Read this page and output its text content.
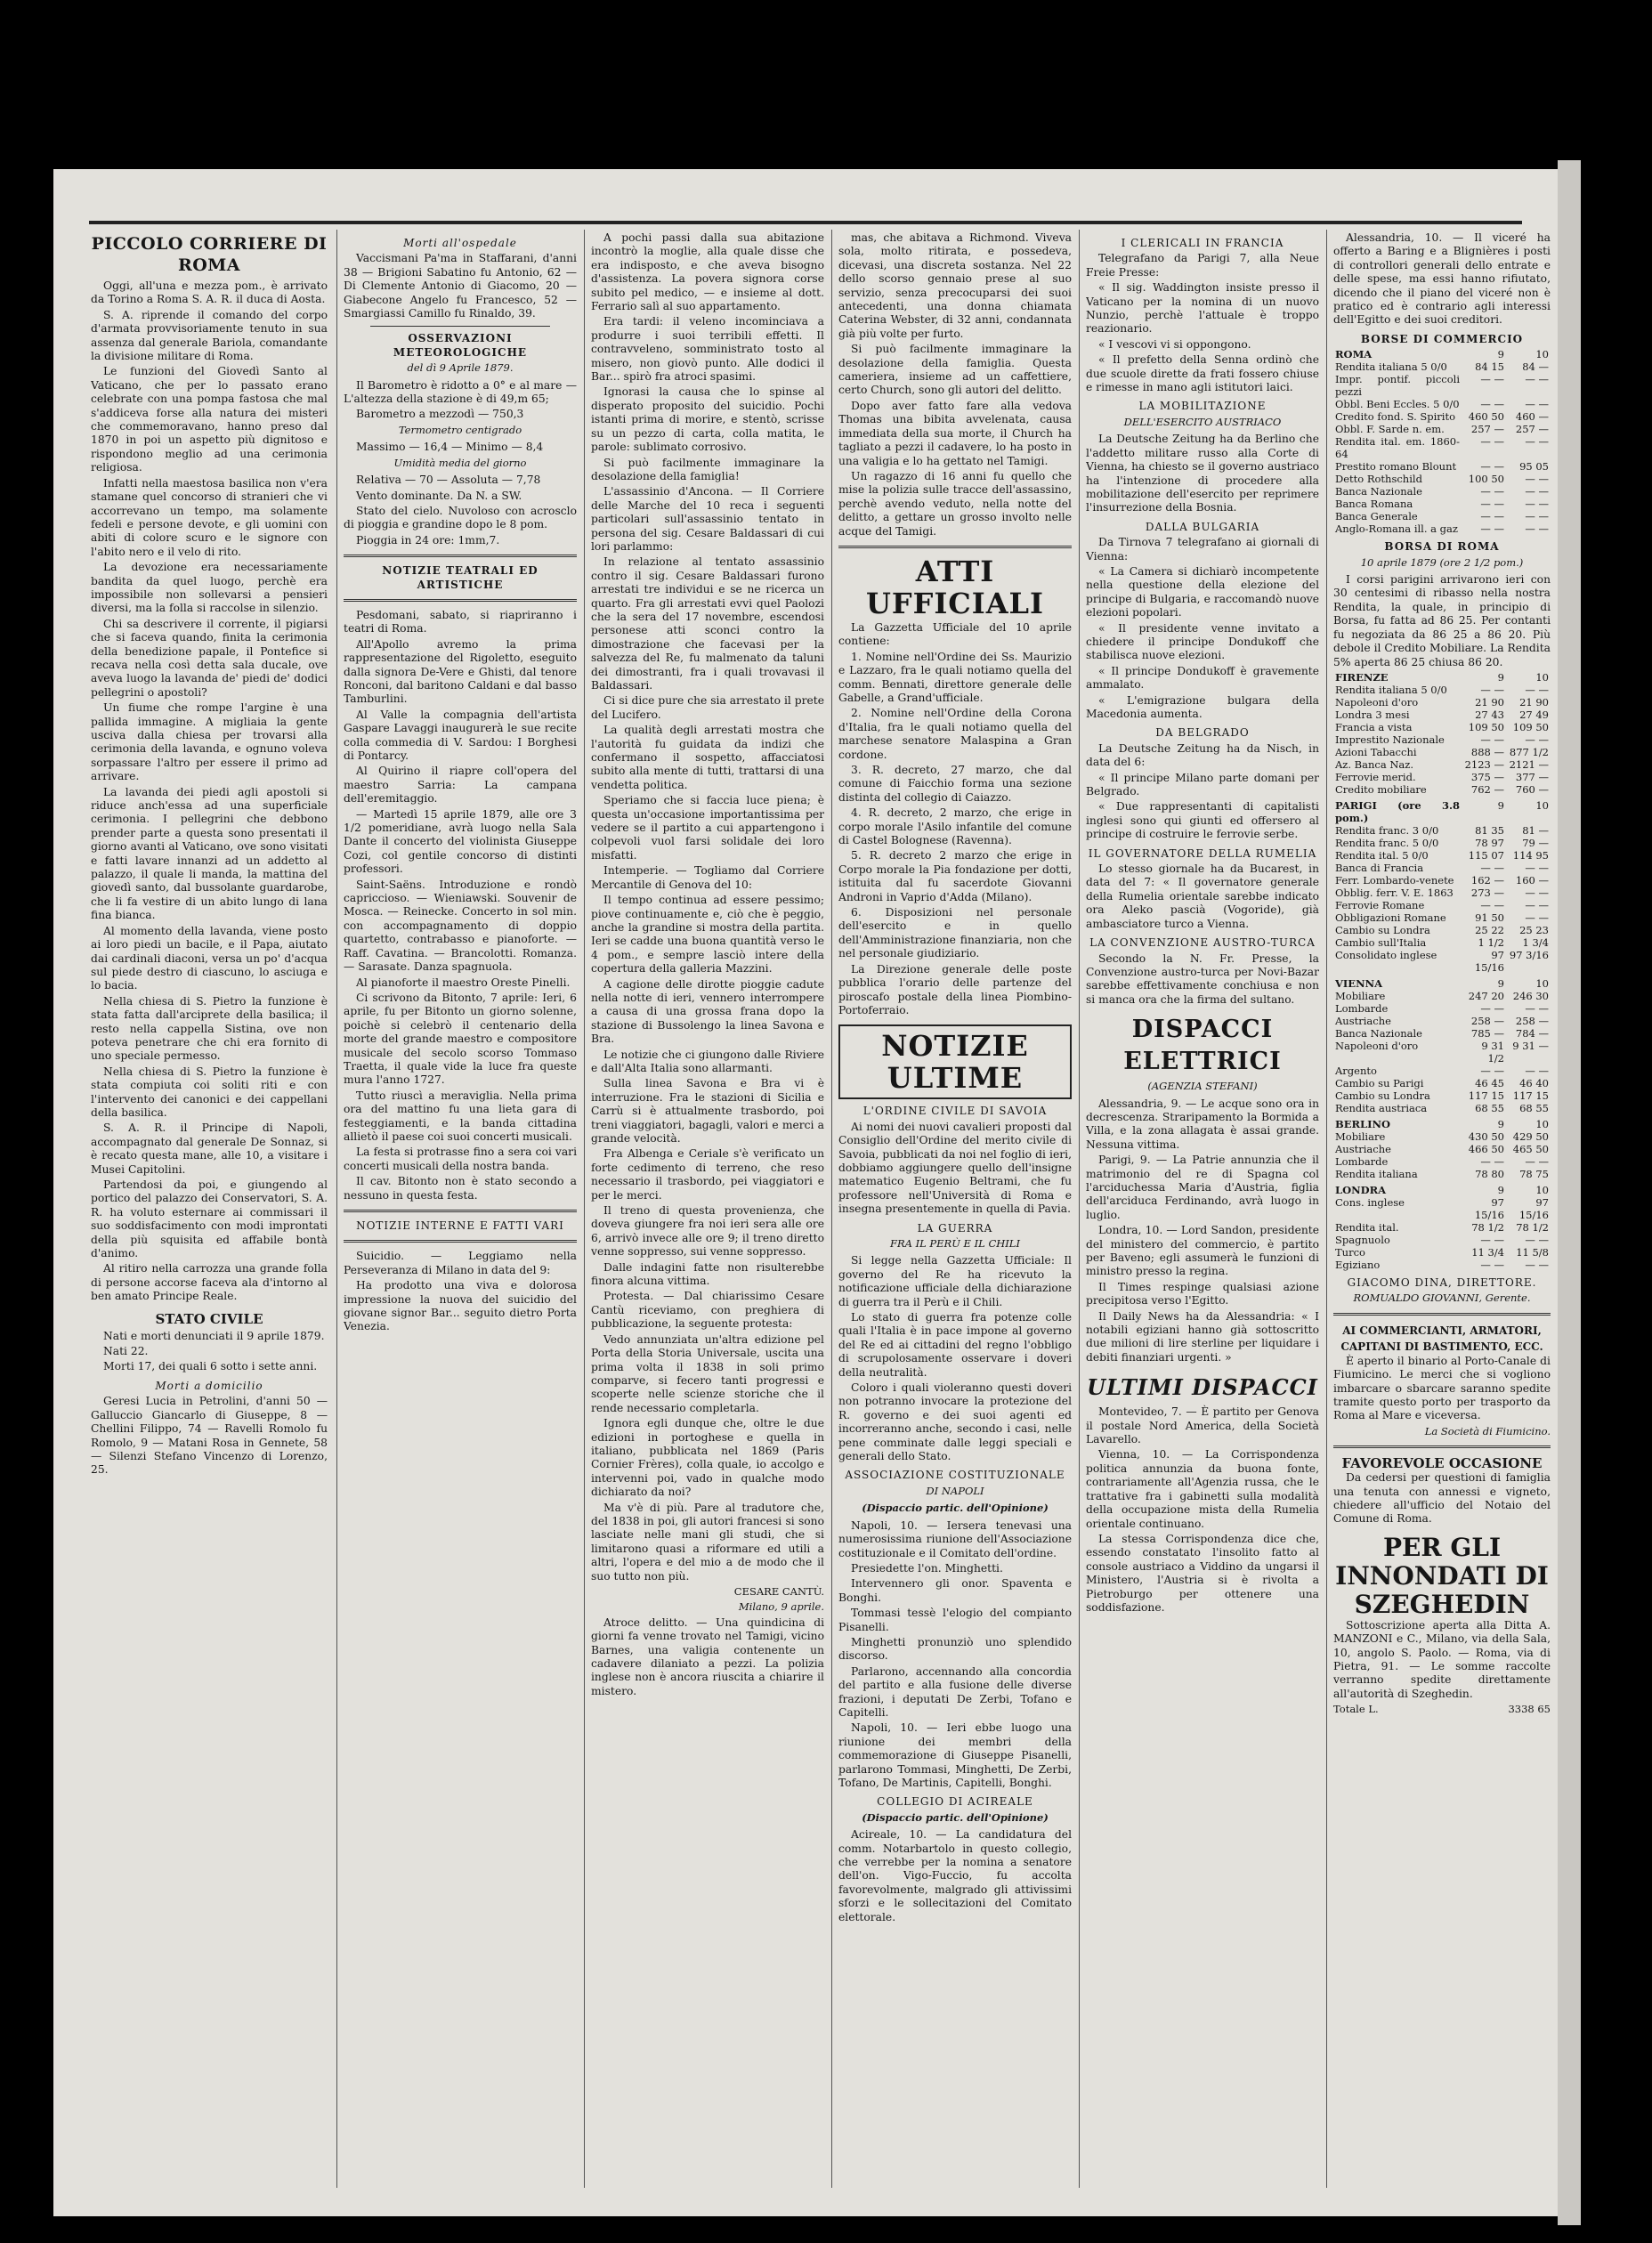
PICCOLO CORRIERE DI ROMA

Oggi, all'una e mezza pom., è arrivato da Torino a Roma S. A. R. il duca di Aosta.

S. A. riprende il comando del corpo d'armata provvisoriamente tenuto in sua assenza dal generale Bariola, comandante la divisione militare di Roma.

Le funzioni del Giovedì Santo al Vaticano, che per lo passato erano celebrate con una pompa fastosa che mal s'addiceva forse alla natura dei misteri che commemoravano, hanno preso dal 1870 in poi un aspetto più dignitoso e rispondono meglio ad una cerimonia religiosa.

Infatti nella maestosa basilica non v'era stamane quel concorso di stranieri che vi accorrevano un tempo, ma solamente fedeli e persone devote, e gli uomini con abiti di colore scuro e le signore con l'abito nero e il velo di rito.

La devozione era necessariamente bandita da quel luogo, perchè era impossibile non sollevarsi a pensieri diversi, ma la folla si raccolse in silenzio.

Chi sa descrivere il corrente, il pigiarsi che si faceva quando, finita la cerimonia della benedizione papale, il Pontefice si recava nella così detta sala ducale, ove aveva luogo la lavanda de' piedi de' dodici pellegrini o apostoli?

Un fiume che rompe l'argine è una pallida immagine. A migliaia la gente usciva dalla chiesa per trovarsi alla cerimonia della lavanda, e ognuno voleva sorpassare l'altro per essere il primo ad arrivare.

La lavanda dei piedi agli apostoli si riduce anch'essa ad una superficiale cerimonia. I pellegrini che debbono prender parte a questa sono presentati il giorno avanti al Vaticano, ove sono visitati e fatti lavare innanzi ad un addetto al palazzo, il quale li manda, la mattina del giovedì santo, dal bussolante guardarobe, che li fa vestire di un abito lungo di lana fina bianca.

Al momento della lavanda, viene posto ai loro piedi un bacile, e il Papa, aiutato dai cardinali diaconi, versa un po' d'acqua sul piede destro di ciascuno, lo asciuga e lo bacia.

Nella chiesa di S. Pietro la funzione è stata fatta dall'arciprete della basilica; il resto nella cappella Sistina, ove non poteva penetrare che chi era fornito di uno speciale permesso.

Nella chiesa di S. Pietro la funzione è stata compiuta coi soliti riti e con l'intervento dei canonici e dei cappellani della basilica.

S. A. R. il Principe di Napoli, accompagnato dal generale De Sonnaz, si è recato questa mane, alle 10, a visitare i Musei Capitolini.

Partendosi da poi, e giungendo al portico del palazzo dei Conservatori, S. A. R. ha voluto esternare ai commissari il suo soddisfacimento con modi improntati della più squisita ed affabile bontà d'animo.

Al ritiro nella carrozza una grande folla di persone accorse faceva ala d'intorno al ben amato Principe Reale.

STATO CIVILE

Nati e morti denunciati il 9 aprile 1879.

Nati 22.

Morti 17, dei quali 6 sotto i sette anni.

Morti a domicilio

Geresi Lucia in Petrolini, d'anni 50 — Galluccio Giancarlo di Giuseppe, 8 — Chellini Filippo, 74 — Ravelli Romolo fu Romolo, 9 — Matani Rosa in Gennete, 58 — Silenzi Stefano Vincenzo di Lorenzo, 25.

Morti all'ospedale

Vaccismani Pa'ma in Staffarani, d'anni 38 — Brigioni Sabatino fu Antonio, 62 — Di Clemente Antonio di Giacomo, 20 — Giabecone Angelo fu Francesco, 52 — Smargiassi Camillo fu Rinaldo, 39.

OSSERVAZIONI METEOROLOGICHE
del dì 9 Aprile 1879.

Il Barometro è ridotto a 0° e al mare — L'altezza della stazione è di 49,m 65;

Barometro a mezzodì — 750,3

Termometro centigrado

Massimo — 16,4 — Minimo — 8,4

Umidità media del giorno

Relativa — 70 — Assoluta — 7,78

Vento dominante. Da N. a SW.

Stato del cielo. Nuvoloso con acrosclo di pioggia e grandine dopo le 8 pom.

Pioggia in 24 ore: 1mm,7.

NOTIZIE TEATRALI ED ARTISTICHE

Pesdomani, sabato, si riapriranno i teatri di Roma.

All'Apollo avremo la prima rappresentazione del Rigoletto, eseguito dalla signora De-Vere e Ghisti, dal tenore Ronconi, dal baritono Caldani e dal basso Tamburlini.

Al Valle la compagnia dell'artista Gaspare Lavaggi inaugurerà le sue recite colla commedia di V. Sardou: I Borghesi di Pontarcy.

Al Quirino il riapre coll'opera del maestro Sarria: La campana dell'eremitaggio.

— Martedì 15 aprile 1879, alle ore 3 1/2 pomeridiane, avrà luogo nella Sala Dante il concerto del violinista Giuseppe Cozi, col gentile concorso di distinti professori.

Saint-Saëns. Introduzione e rondò capriccioso. — Wieniawski. Souvenir de Mosca. — Reinecke. Concerto in sol min. con accompagnamento di doppio quartetto, contrabasso e pianoforte. — Raff. Cavatina. — Brancolotti. Romanza. — Sarasate. Danza spagnuola.

Al pianoforte il maestro Oreste Pinelli.

Ci scrivono da Bitonto, 7 aprile: Ieri, 6 aprile, fu per Bitonto un giorno solenne, poichè si celebrò il centenario della morte del grande maestro e compositore musicale del secolo scorso Tommaso Traetta, il quale vide la luce fra queste mura l'anno 1727.

Tutto riuscì a meraviglia. Nella prima ora del mattino fu una lieta gara di festeggiamenti, e la banda cittadina allietò il paese coi suoi concerti musicali.

La festa si protrasse fino a sera coi vari concerti musicali della nostra banda.

Il cav. Bitonto non è stato secondo a nessuno in questa festa.

NOTIZIE INTERNE E FATTI VARI

Suicidio. — Leggiamo nella Perseveranza di Milano in data del 9:

Ha prodotto una viva e dolorosa impressione la nuova del suicidio del giovane signor Bar... seguito dietro Porta Venezia.

A pochi passi dalla sua abitazione incontrò la moglie, alla quale disse che era indisposto, e che aveva bisogno d'assistenza. La povera signora corse subito pel medico, — e insieme al dott. Ferrario salì al suo appartamento.

Era tardi: il veleno incominciava a produrre i suoi terribili effetti. Il contravveleno, somministrato tosto al misero, non giovò punto. Alle dodici il Bar... spirò fra atroci spasimi.

Ignorasi la causa che lo spinse al disperato proposito del suicidio. Pochi istanti prima di morire, e stentò, scrisse su un pezzo di carta, colla matita, le parole: sublimato corrosivo.

Si può facilmente immaginare la desolazione della famiglia!

L'assassinio d'Ancona. — Il Corriere delle Marche del 10 reca i seguenti particolari sull'assassinio tentato in persona del sig. Cesare Baldassari di cui lori parlammo:

In relazione al tentato assassinio contro il sig. Cesare Baldassari furono arrestati tre individui e se ne ricerca un quarto. Fra gli arrestati evvi quel Paolozi che la sera del 17 novembre, escendosi personese atti sconci contro la dimostrazione che facevasi per la salvezza del Re, fu malmenato da taluni dei dimostranti, fra i quali trovavasi il Baldassari.

Ci si dice pure che sia arrestato il prete del Lucifero.

La qualità degli arrestati mostra che l'autorità fu guidata da indizi che confermano il sospetto, affacciatosi subito alla mente di tutti, trattarsi di una vendetta politica.

Speriamo che si faccia luce piena; è questa un'occasione importantissima per vedere se il partito a cui appartengono i colpevoli vuol farsi solidale dei loro misfatti.

Intemperie. — Togliamo dal Corriere Mercantile di Genova del 10:

Il tempo continua ad essere pessimo; piove continuamente e, ciò che è peggio, anche la grandine si mostra della partita. Ieri se cadde una buona quantità verso le 4 pom., e sempre lasciò intere della copertura della galleria Mazzini.

A cagione delle dirotte pioggie cadute nella notte di ieri, vennero interrompere a causa di una grossa frana dopo la stazione di Bussolengo la linea Savona e Bra.

Le notizie che ci giungono dalle Riviere e dall'Alta Italia sono allarmanti.

Sulla linea Savona e Bra vi è interruzione. Fra le stazioni di Sicilia e Carrù si è attualmente trasbordo, poi treni viaggiatori, bagagli, valori e merci a grande velocità.

Fra Albenga e Ceriale s'è verificato un forte cedimento di terreno, che reso necessario il trasbordo, pei viaggiatori e per le merci.

Il treno di questa provenienza, che doveva giungere fra noi ieri sera alle ore 6, arrivò invece alle ore 9; il treno diretto venne soppresso, sui venne soppresso.

Dalle indagini fatte non risulterebbe finora alcuna vittima.

Protesta. — Dal chiarissimo Cesare Cantù riceviamo, con preghiera di pubblicazione, la seguente protesta:

Vedo annunziata un'altra edizione pel Porta della Storia Universale, uscita una prima volta il 1838 in soli primo comparve, si fecero tanti progressi e scoperte nelle scienze storiche che il rende necessario completarla.

Ignora egli dunque che, oltre le due edizioni in portoghese e quella in italiano, pubblicata nel 1869 (Paris Cornier Frères), colla quale, io accolgo e intervenni poi, vado in qualche modo dichiarato da noi?

Ma v'è di più. Pare al tradutore che, del 1838 in poi, gli autori francesi si sono lasciate nelle mani gli studi, che si limitarono quasi a riformare ed utili a altri, l'opera e del mio a de modo che il suo tutto non più.

CESARE CANTÙ.
Milano, 9 aprile.

Atroce delitto. — Una quindicina di giorni fa venne trovato nel Tamigi, vicino Barnes, una valigia contenente un cadavere dilaniato a pezzi. La polizia inglese non è ancora riuscita a chiarire il mistero.

mas, che abitava a Richmond. Viveva sola, molto ritirata, e possedeva, dicevasi, una discreta sostanza. Nel 22 dello scorso gennaio prese al suo servizio, senza precocuparsi dei suoi antecedenti, una donna chiamata Caterina Webster, di 32 anni, condannata già più volte per furto.

Si può facilmente immaginare la desolazione della famiglia. Questa cameriera, insieme ad un caffettiere, certo Church, sono gli autori del delitto.

Dopo aver fatto fare alla vedova Thomas una bibita avvelenata, causa immediata della sua morte, il Church ha tagliato a pezzi il cadavere, lo ha posto in una valigia e lo ha gettato nel Tamigi.

Un ragazzo di 16 anni fu quello che mise la polizia sulle tracce dell'assassino, perchè avendo veduto, nella notte del delitto, a gettare un grosso involto nelle acque del Tamigi.

ATTI UFFICIALI

La Gazzetta Ufficiale del 10 aprile contiene:

1. Nomine nell'Ordine dei Ss. Maurizio e Lazzaro, fra le quali notiamo quella del comm. Bennati, direttore generale delle Gabelle, a Grand'ufficiale.

2. Nomine nell'Ordine della Corona d'Italia, fra le quali notiamo quella del marchese senatore Malaspina a Gran cordone.

3. R. decreto, 27 marzo, che dal comune di Faicchio forma una sezione distinta del collegio di Caiazzo.

4. R. decreto, 2 marzo, che erige in corpo morale l'Asilo infantile del comune di Castel Bolognese (Ravenna).

5. R. decreto 2 marzo che erige in Corpo morale la Pia fondazione per dotti, istituita dal fu sacerdote Giovanni Androni in Vaprio d'Adda (Milano).

6. Disposizioni nel personale dell'esercito e in quello dell'Amministrazione finanziaria, non che nel personale giudiziario.

La Direzione generale delle poste pubblica l'orario delle partenze del piroscafo postale della linea Piombino-Portoferraio.

NOTIZIE ULTIME
L'ORDINE CIVILE DI SAVOIA

Ai nomi dei nuovi cavalieri proposti dal Consiglio dell'Ordine del merito civile di Savoia, pubblicati da noi nel foglio di ieri, dobbiamo aggiungere quello dell'insigne matematico Eugenio Beltrami, che fu professore nell'Università di Roma e insegna presentemente in quella di Pavia.

LA GUERRA
FRA IL PERÙ E IL CHILI

Si legge nella Gazzetta Ufficiale: Il governo del Re ha ricevuto la notificazione ufficiale della dichiarazione di guerra tra il Perù e il Chili.

Lo stato di guerra fra potenze colle quali l'Italia è in pace impone al governo del Re ed ai cittadini del regno l'obbligo di scrupolosamente osservare i doveri della neutralità.

Coloro i quali violeranno questi doveri non potranno invocare la protezione del R. governo e dei suoi agenti ed incorreranno anche, secondo i casi, nelle pene comminate dalle leggi speciali e generali dello Stato.

ASSOCIAZIONE COSTITUZIONALE
DI NAPOLI
(Dispaccio partic. dell'Opinione)

Napoli, 10. — Iersera tenevasi una numerosissima riunione dell'Associazione costituzionale e il Comitato dell'ordine.

Presiedette l'on. Minghetti.

Intervennero gli onor. Spaventa e Bonghi.

Tommasi tessè l'elogio del compianto Pisanelli.

Minghetti pronunziò uno splendido discorso.

Parlarono, accennando alla concordia del partito e alla fusione delle diverse frazioni, i deputati De Zerbi, Tofano e Capitelli.

Napoli, 10. — Ieri ebbe luogo una riunione dei membri della commemorazione di Giuseppe Pisanelli, parlarono Tommasi, Minghetti, De Zerbi, Tofano, De Martinis, Capitelli, Bonghi.

COLLEGIO DI ACIREALE
(Dispaccio partic. dell'Opinione)

Acireale, 10. — La candidatura del comm. Notarbartolo in questo collegio, che verrebbe per la nomina a senatore dell'on. Vigo-Fuccio, fu accolta favorevolmente, malgrado gli attivissimi sforzi e le sollecitazioni del Comitato elettorale.

I CLERICALI IN FRANCIA

Telegrafano da Parigi 7, alla Neue Freie Presse:

« Il sig. Waddington insiste presso il Vaticano per la nomina di un nuovo Nunzio, perchè l'attuale è troppo reazionario.

« I vescovi vi si oppongono.

« Il prefetto della Senna ordinò che due scuole dirette da frati fossero chiuse e rimesse in mano agli istitutori laici.

LA MOBILITAZIONE
DELL'ESERCITO AUSTRIACO

La Deutsche Zeitung ha da Berlino che l'addetto militare russo alla Corte di Vienna, ha chiesto se il governo austriaco ha l'intenzione di procedere alla mobilitazione dell'esercito per reprimere l'insurrezione della Bosnia.

DALLA BULGARIA

Da Tirnova 7 telegrafano ai giornali di Vienna:

« La Camera si dichiarò incompetente nella questione della elezione del principe di Bulgaria, e raccomandò nuove elezioni popolari.

« Il presidente venne invitato a chiedere il principe Dondukoff che stabilisca nuove elezioni.

« Il principe Dondukoff è gravemente ammalato.

« L'emigrazione bulgara della Macedonia aumenta.

DA BELGRADO

La Deutsche Zeitung ha da Nisch, in data del 6:

« Il principe Milano parte domani per Belgrado.

« Due rappresentanti di capitalisti inglesi sono qui giunti ed offersero al principe di costruire le ferrovie serbe.

IL GOVERNATORE DELLA RUMELIA

Lo stesso giornale ha da Bucarest, in data del 7: « Il governatore generale della Rumelia orientale sarebbe indicato ora Aleko pascià (Vogoride), già ambasciatore turco a Vienna.

LA CONVENZIONE AUSTRO-TURCA

Secondo la N. Fr. Presse, la Convenzione austro-turca per Novi-Bazar sarebbe effettivamente conchiusa e non si manca ora che la firma del sultano.

DISPACCI ELETTRICI
(AGENZIA STEFANI)

Alessandria, 9. — Le acque sono ora in decrescenza. Straripamento la Bormida a Villa, e la zona allagata è assai grande. Nessuna vittima.

Parigi, 9. — La Patrie annunzia che il matrimonio del re di Spagna col l'arciduchessa Maria d'Austria, figlia dell'arciduca Ferdinando, avrà luogo in luglio.

Londra, 10. — Lord Sandon, presidente del ministero del commercio, è partito per Baveno; egli assumerà le funzioni di ministro presso la regina.

Il Times respinge qualsiasi azione precipitosa verso l'Egitto.

Il Daily News ha da Alessandria: « I notabili egiziani hanno già sottoscritto due milioni di lire sterline per liquidare i debiti finanziari urgenti. »

ULTIMI DISPACCI

Montevideo, 7. — È partito per Genova il postale Nord America, della Società Lavarello.

Vienna, 10. — La Corrispondenza politica annunzia da buona fonte, contrariamente all'Agenzia russa, che le trattative fra i gabinetti sulla modalità della occupazione mista della Rumelia orientale continuano.

La stessa Corrispondenza dice che, essendo constatato l'insolito fatto al console austriaco a Viddino da ungarsi il Ministero, l'Austria si è rivolta a Pietroburgo per ottenere una soddisfazione.

Alessandria, 10. — Il viceré ha offerto a Baring e a Blignières i posti di controllori generali dello entrate e delle spese, ma essi hanno rifiutato, dicendo che il piano del viceré non è pratico ed è contrario agli interessi dell'Egitto e dei suoi creditori.

BORSE DI COMMERCIO
ROMA	9	10
Rendita italiana 5 0/0	84 15	84 —
Impr. pontif. piccoli pezzi	— —	— —
Obbl. Beni Eccles. 5 0/0	— —	— —
Credito fond. S. Spirito	460 50	460 —
Obbl. F. Sarde n. em.	257 —	257 —
Rendita ital. em. 1860-64	— —	— —
Prestito romano Blount	— —	95 05
Detto Rothschild	100 50	— —
Banca Nazionale	— —	— —
Banca Romana	— —	— —
Banca Generale	— —	— —
Anglo-Romana ill. a gaz	— —	— —
BORSA DI ROMA
10 aprile 1879 (ore 2 1/2 pom.)

I corsi parigini arrivarono ieri con 30 centesimi di ribasso nella nostra Rendita, la quale, in principio di Borsa, fu fatta ad 86 25. Per contanti fu negoziata da 86 25 a 86 20. Più debole il Credito Mobiliare. La Rendita 5% aperta 86 25 chiusa 86 20.

FIRENZE	9	10
Rendita italiana 5 0/0	— —	— —
Napoleoni d'oro	21 90	21 90
Londra 3 mesi	27 43	27 49
Francia a vista	109 50	109 50
Imprestito Nazionale	— —	— —
Azioni Tabacchi	888 —	877 1/2
Az. Banca Naz.	2123 —	2121 —
Ferrovie merid.	375 —	377 —
Credito mobiliare	762 —	760 —
PARIGI (ore 3.8 pom.)	9	10
Rendita franc. 3 0/0	81 35	81 —
Rendita franc. 5 0/0	78 97	79 —
Rendita ital. 5 0/0	115 07	114 95
Banca di Francia	— —	— —
Ferr. Lombardo-venete	162 —	160 —
Obblig. ferr. V. E. 1863	273 —	— —
Ferrovie Romane	— —	— —
Obbligazioni Romane	91 50	— —
Cambio su Londra	25 22	25 23
Cambio sull'Italia	1 1/2	1 3/4
Consolidato inglese	97 15/16	97 3/16
VIENNA	9	10
Mobiliare	247 20	246 30
Lombarde	— —	— —
Austriache	258 —	258 —
Banca Nazionale	785 —	784 —
Napoleoni d'oro	9 31 1/2	9 31 —
Argento	— —	— —
Cambio su Parigi	46 45	46 40
Cambio su Londra	117 15	117 15
Rendita austriaca	68 55	68 55
BERLINO	9	10
Mobiliare	430 50	429 50
Austriache	466 50	465 50
Lombarde	— —	— —
Rendita italiana	78 80	78 75
LONDRA	9	10
Cons. inglese	97 15/16	97 15/16
Rendita ital.	78 1/2	78 1/2
Spagnuolo	— —	— —
Turco	11 3/4	11 5/8
Egiziano	— —	— —
GIACOMO DINA, DIRETTORE.
ROMUALDO GIOVANNI, Gerente.
AI COMMERCIANTI, ARMATORI, CAPITANI DI BASTIMENTO, ECC.

È aperto il binario al Porto-Canale di Fiumicino. Le merci che si vogliono imbarcare o sbarcare saranno spedite tramite questo porto per trasporto da Roma al Mare e viceversa.

La Società di Fiumicino.
FAVOREVOLE OCCASIONE

Da cedersi per questioni di famiglia una tenuta con annessi e vigneto, chiedere all'ufficio del Notaio del Comune di Roma.

PER GLI INNONDATI DI SZEGHEDIN

Sottoscrizione aperta alla Ditta A. MANZONI e C., Milano, via della Sala, 10, angolo S. Paolo. — Roma, via di Pietra, 91. — Le somme raccolte verranno spedite direttamente all'autorità di Szeghedin.

Totale L.	3338 65
